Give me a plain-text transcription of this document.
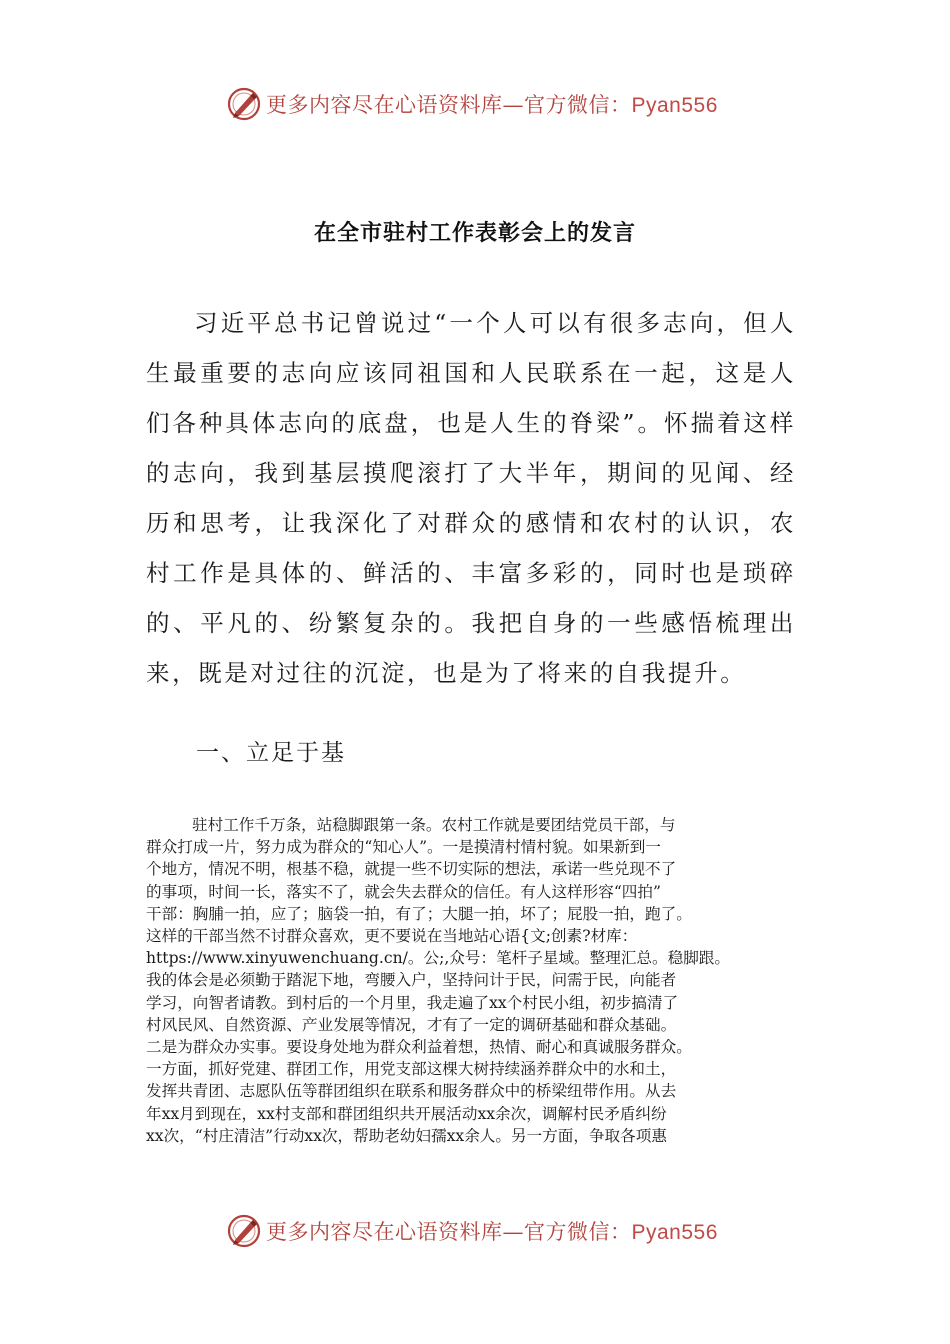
更多内容尽在心语资料库—官方微信：Pyan556
在全市驻村工作表彰会上的发言

习近平总书记曾说过“一个人可以有很多志向，但人生最重要的志向应该同祖国和人民联系在一起，这是人们各种具体志向的底盘，也是人生的脊梁”。怀揣着这样的志向，我到基层摸爬滚打了大半年，期间的见闻、经历和思考，让我深化了对群众的感情和农村的认识，农村工作是具体的、鲜活的、丰富多彩的，同时也是琐碎的、平凡的、纷繁复杂的。我把自身的一些感悟梳理出来，既是对过往的沉淀，也是为了将来的自我提升。

一、立足于基
驻村工作千万条，站稳脚跟第一条。农村工作就是要团结党员干部，与
群众打成一片，努力成为群众的“知心人”。一是摸清村情村貌。如果新到一
个地方，情况不明，根基不稳，就提一些不切实际的想法，承诺一些兑现不了
的事项，时间一长，落实不了，就会失去群众的信任。有人这样形容“四拍”
干部：胸脯一拍，应了；脑袋一拍，有了；大腿一拍，坏了；屁股一拍，跑了。
这样的干部当然不讨群众喜欢，更不要说在当地站心语{文;创素?材库：
https://www.xinyuwenchuang.cn/。公;,众号：笔杆子星域。整理汇总。稳脚跟。
我的体会是必须勤于踏泥下地，弯腰入户，坚持问计于民，问需于民，向能者
学习，向智者请教。到村后的一个月里，我走遍了xx个村民小组，初步搞清了
村风民风、自然资源、产业发展等情况，才有了一定的调研基础和群众基础。
二是为群众办实事。要设身处地为群众利益着想，热情、耐心和真诚服务群众。
一方面，抓好党建、群团工作，用党支部这棵大树持续涵养群众中的水和土，
发挥共青团、志愿队伍等群团组织在联系和服务群众中的桥梁纽带作用。从去
年xx月到现在，xx村支部和群团组织共开展活动xx余次，调解村民矛盾纠纷
xx次，“村庄清洁”行动xx次，帮助老幼妇孺xx余人。另一方面，争取各项惠
更多内容尽在心语资料库—官方微信：Pyan556
